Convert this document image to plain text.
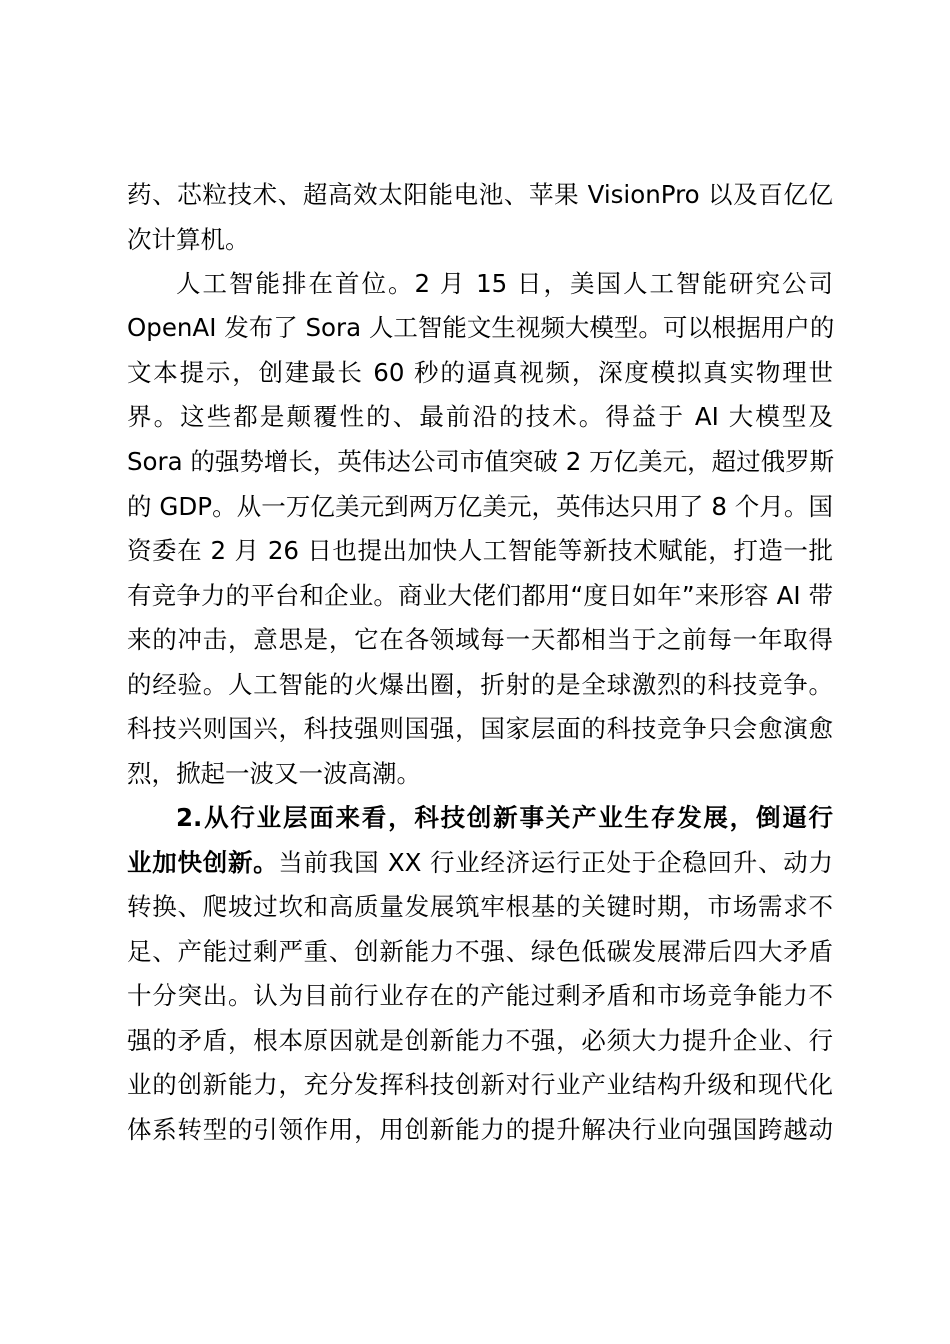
药、芯粒技术、超高效太阳能电池、苹果 VisionPro 以及百亿亿
次计算机。
人工智能排在首位。2 月 15 日，美国人工智能研究公司
OpenAI 发布了 Sora 人工智能文生视频大模型。可以根据用户的
文本提示，创建最长 60 秒的逼真视频，深度模拟真实物理世
界。这些都是颠覆性的、最前沿的技术。得益于 AI 大模型及
Sora 的强势增长，英伟达公司市值突破 2 万亿美元，超过俄罗斯
的 GDP。从一万亿美元到两万亿美元，英伟达只用了 8 个月。国
资委在 2 月 26 日也提出加快人工智能等新技术赋能，打造一批
有竞争力的平台和企业。商业大佬们都用“度日如年”来形容 AI 带
来的冲击，意思是，它在各领域每一天都相当于之前每一年取得
的经验。人工智能的火爆出圈，折射的是全球激烈的科技竞争。
科技兴则国兴，科技强则国强，国家层面的科技竞争只会愈演愈
烈，掀起一波又一波高潮。
2.从行业层面来看，科技创新事关产业生存发展，倒逼行
业加快创新。当前我国 XX 行业经济运行正处于企稳回升、动力
转换、爬坡过坎和高质量发展筑牢根基的关键时期，市场需求不
足、产能过剩严重、创新能力不强、绿色低碳发展滞后四大矛盾
十分突出。认为目前行业存在的产能过剩矛盾和市场竞争能力不
强的矛盾，根本原因就是创新能力不强，必须大力提升企业、行
业的创新能力，充分发挥科技创新对行业产业结构升级和现代化
体系转型的引领作用，用创新能力的提升解决行业向强国跨越动
